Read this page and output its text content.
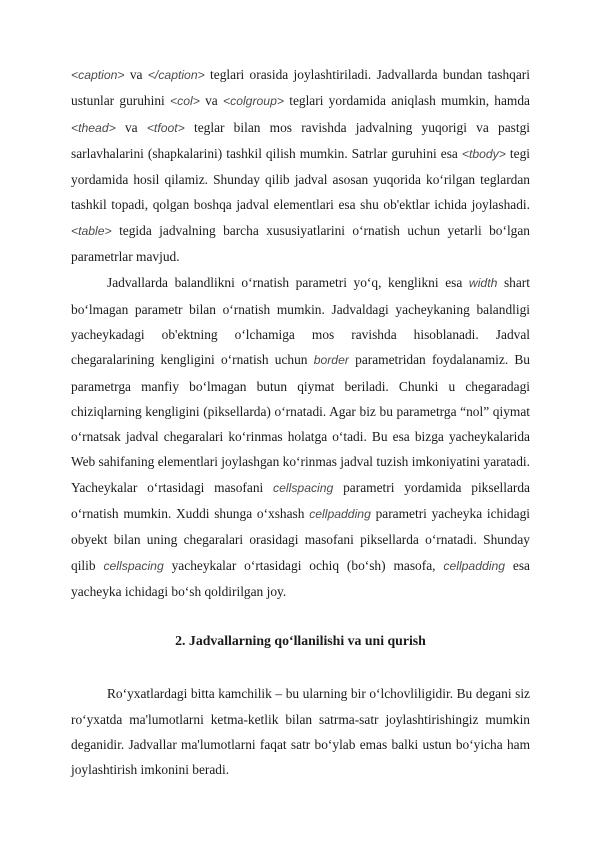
<caption> va </caption> teglari orasida joylashtiriladi. Jadvallarda bundan tashqari ustunlar guruhini <col> va <colgroup> teglari yordamida aniqlash mumkin, hamda <thead> va <tfoot> teglar bilan mos ravishda jadvalning yuqorigi va pastgi sarlavhalarini (shapkalarini) tashkil qilish mumkin. Satrlar guruhini esa <tbody> tegi yordamida hosil qilamiz. Shunday qilib jadval asosan yuqorida ko‘rilgan teglardan tashkil topadi, qolgan boshqa jadval elementlari esa shu ob'ektlar ichida joylashadi. <table> tegida jadvalning barcha xususiyatlarini o‘rnatish uchun yetarli bo‘lgan parametrlar mavjud.

Jadvallarda balandlikni o‘rnatish parametri yo‘q, kenglikni esa width shart bo‘lmagan parametr bilan o‘rnatish mumkin. Jadvaldagi yacheykaning balandligi yacheykadagi ob'ektning o‘lchamiga mos ravishda hisoblanadi. Jadval chegaralarining kengligini o‘rnatish uchun border parametridan foydalanamiz. Bu parametrga manfiy bo‘lmagan butun qiymat beriladi. Chunki u chegaradagi chiziqlarning kengligini (piksellarda) o‘rnatadi. Agar biz bu parametrga “nol” qiymat o‘rnatsak jadval chegaralari ko‘rinmas holatga o‘tadi. Bu esa bizga yacheykalarida Web sahifaning elementlari joylashgan ko‘rinmas jadval tuzish imkoniyatini yaratadi. Yacheykalar o‘rtasidagi masofani cellspacing parametri yordamida piksellarda o‘rnatish mumkin. Xuddi shunga o‘xshash cellpadding parametri yacheyka ichidagi obyekt bilan uning chegaralari orasidagi masofani piksellarda o‘rnatadi. Shunday qilib cellspacing yacheykalar o‘rtasidagi ochiq (bo‘sh) masofa, cellpadding esa yacheyka ichidagi bo‘sh qoldirilgan joy.

2. Jadvallarning qo‘llanilishi va uni qurish

Ro‘yxatlardagi bitta kamchilik – bu ularning bir o‘lchovliligidir. Bu degani siz ro‘yxatda ma'lumotlarni ketma-ketlik bilan satrma-satr joylashtirishingiz mumkin deganidir. Jadvallar ma'lumotlarni faqat satr bo‘ylab emas balki ustun bo‘yicha ham joylashtirish imkonini beradi.
